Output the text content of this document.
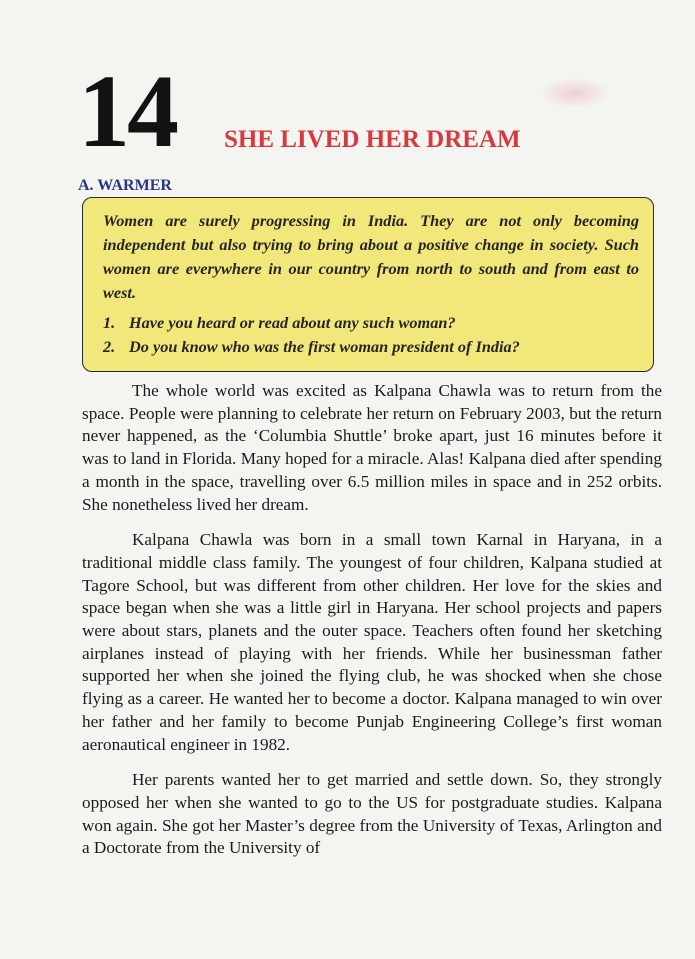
14 SHE LIVED HER DREAM
A. WARMER

Women are surely progressing in India. They are not only becoming independent but also trying to bring about a positive change in society. Such women are everywhere in our country from north to south and from east to west.

1. Have you heard or read about any such woman?
2. Do you know who was the first woman president of India?

The whole world was excited as Kalpana Chawla was to return from the space. People were planning to celebrate her return on February 2003, but the return never happened, as the ‘Columbia Shuttle’ broke apart, just 16 minutes before it was to land in Florida. Many hoped for a miracle. Alas! Kalpana died after spending a month in the space, travelling over 6.5 million miles in space and in 252 orbits. She nonetheless lived her dream.

Kalpana Chawla was born in a small town Karnal in Haryana, in a traditional middle class family. The youngest of four children, Kalpana studied at Tagore School, but was different from other children. Her love for the skies and space began when she was a little girl in Haryana. Her school projects and papers were about stars, planets and the outer space. Teachers often found her sketching airplanes instead of playing with her friends. While her businessman father supported her when she joined the flying club, he was shocked when she chose flying as a career. He wanted her to become a doctor. Kalpana managed to win over her father and her family to become Punjab Engineering College’s first woman aeronautical engineer in 1982.

Her parents wanted her to get married and settle down. So, they strongly opposed her when she wanted to go to the US for postgraduate studies. Kalpana won again. She got her Master’s degree from the University of Texas, Arlington and a Doctorate from the University of
